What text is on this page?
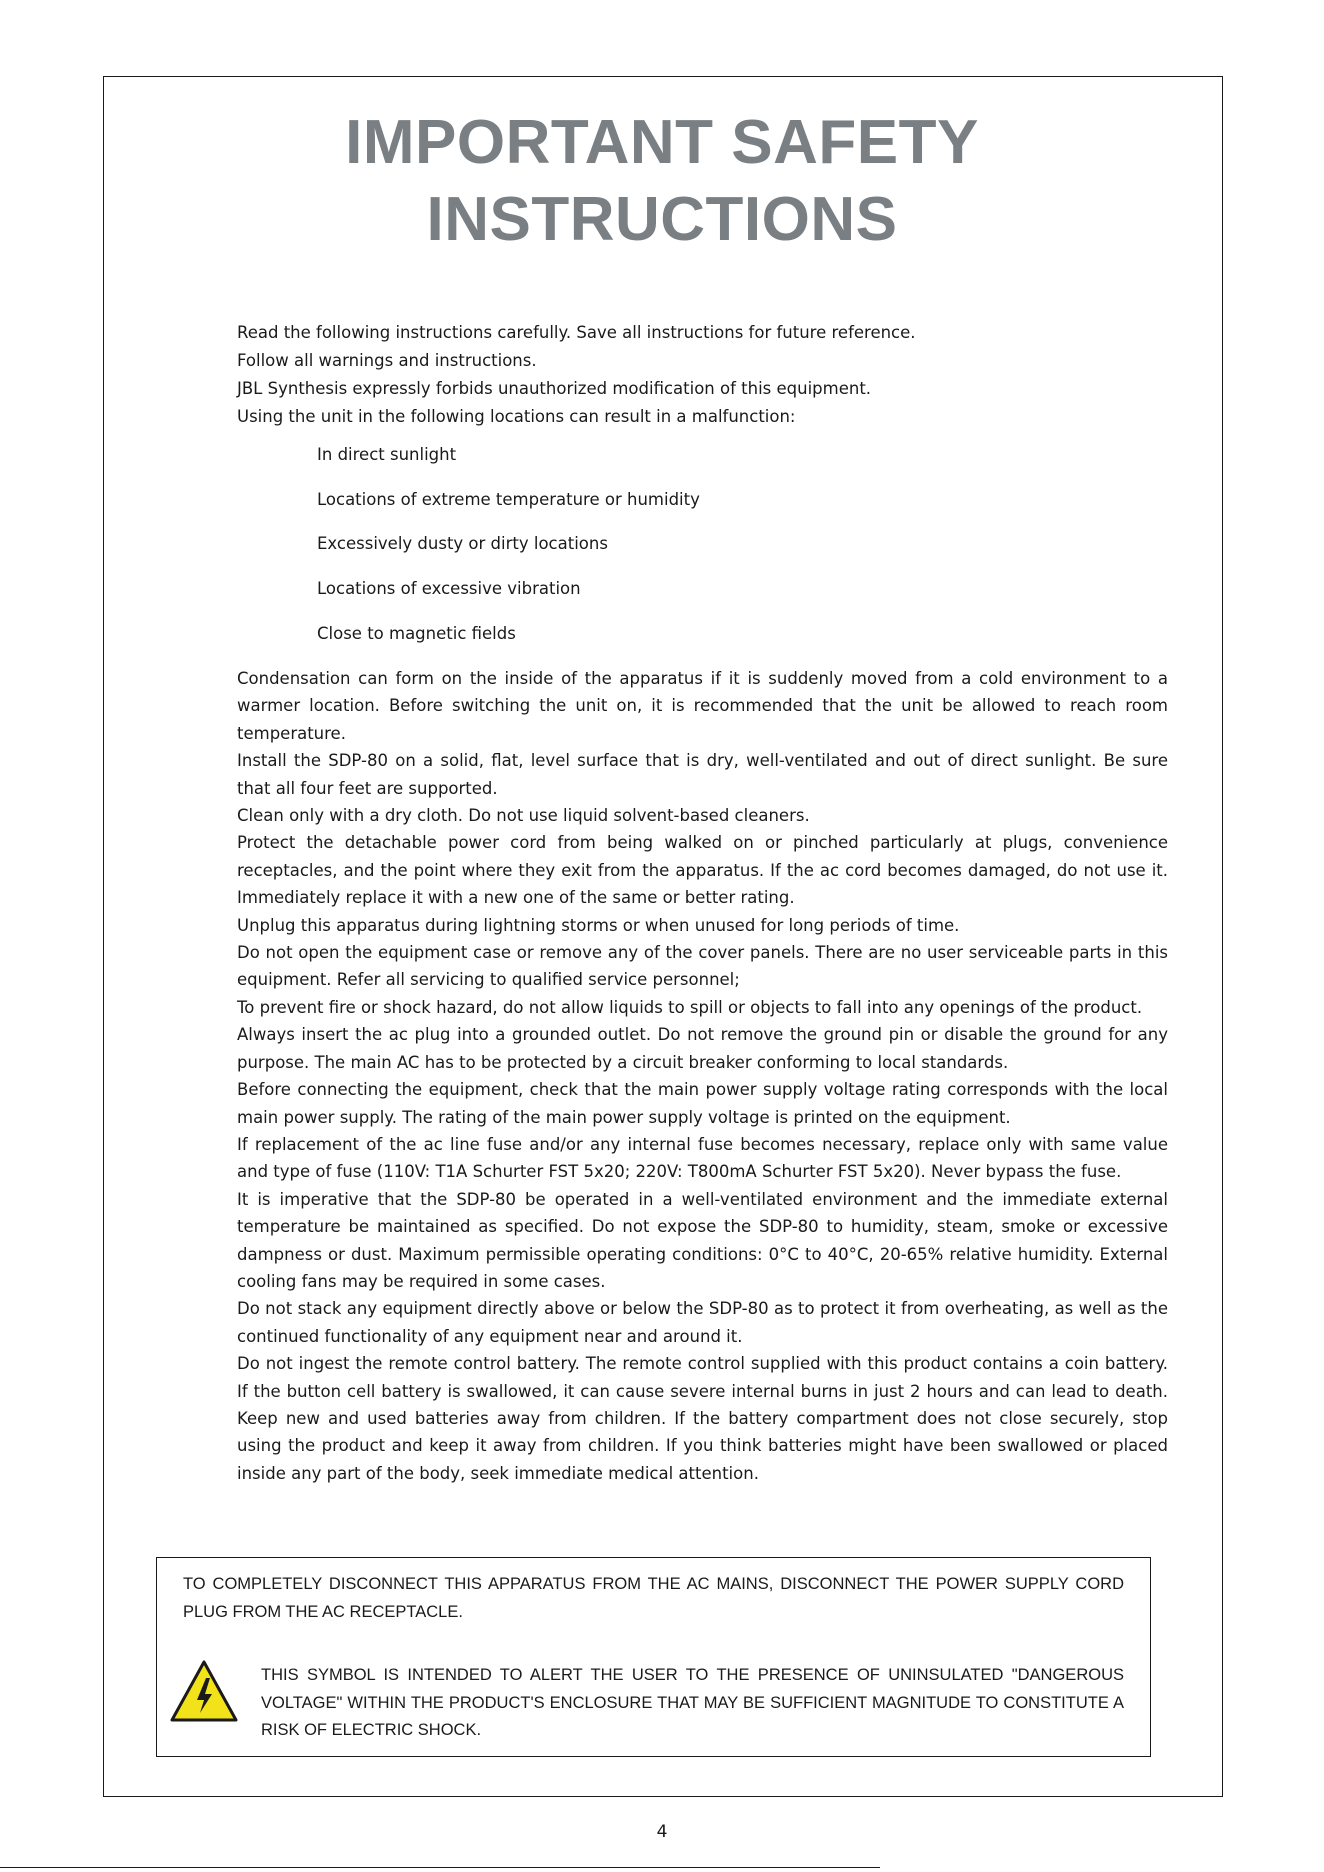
IMPORTANT SAFETY
INSTRUCTIONS

Read the following instructions carefully. Save all instructions for future reference.

Follow all warnings and instructions.

JBL Synthesis expressly forbids unauthorized modification of this equipment.

Using the unit in the following locations can result in a malfunction:

In direct sunlight
Locations of extreme temperature or humidity
Excessively dusty or dirty locations
Locations of excessive vibration
Close to magnetic fields

Condensation can form on the inside of the apparatus if it is suddenly moved from a cold environment to a warmer location. Before switching the unit on, it is recommended that the unit be allowed to reach room temperature.

Install the SDP-80 on a solid, flat, level surface that is dry, well-ventilated and out of direct sunlight. Be sure that all four feet are supported.

Clean only with a dry cloth. Do not use liquid solvent-based cleaners.

Protect the detachable power cord from being walked on or pinched particularly at plugs, convenience receptacles, and the point where they exit from the apparatus. If the ac cord becomes damaged, do not use it. Immediately replace it with a new one of the same or better rating.

Unplug this apparatus during lightning storms or when unused for long periods of time.

Do not open the equipment case or remove any of the cover panels. There are no user serviceable parts in this equipment. Refer all servicing to qualified service personnel;

To prevent fire or shock hazard, do not allow liquids to spill or objects to fall into any openings of the product.

Always insert the ac plug into a grounded outlet. Do not remove the ground pin or disable the ground for any purpose. The main AC has to be protected by a circuit breaker conforming to local standards.

Before connecting the equipment, check that the main power supply voltage rating corresponds with the local main power supply. The rating of the main power supply voltage is printed on the equipment.

If replacement of the ac line fuse and/or any internal fuse becomes necessary, replace only with same value and type of fuse (110V: T1A Schurter FST 5x20; 220V: T800mA Schurter FST 5x20). Never bypass the fuse.

It is imperative that the SDP-80 be operated in a well-ventilated environment and the immediate external temperature be maintained as specified. Do not expose the SDP-80 to humidity, steam, smoke or excessive dampness or dust. Maximum permissible operating conditions: 0°C to 40°C, 20-65% relative humidity. External cooling fans may be required in some cases.

Do not stack any equipment directly above or below the SDP-80 as to protect it from overheating, as well as the continued functionality of any equipment near and around it.

Do not ingest the remote control battery. The remote control supplied with this product contains a coin battery. If the button cell battery is swallowed, it can cause severe internal burns in just 2 hours and can lead to death. Keep new and used batteries away from children. If the battery compartment does not close securely, stop using the product and keep it away from children. If you think batteries might have been swallowed or placed inside any part of the body, seek immediate medical attention.

TO COMPLETELY DISCONNECT THIS APPARATUS FROM THE AC MAINS, DISCONNECT THE POWER SUPPLY CORD PLUG FROM THE AC RECEPTACLE.
THIS SYMBOL IS INTENDED TO ALERT THE USER TO THE PRESENCE OF UNINSULATED "DANGEROUS VOLTAGE" WITHIN THE PRODUCT'S ENCLOSURE THAT MAY BE SUFFICIENT MAGNITUDE TO CONSTITUTE A RISK OF ELECTRIC SHOCK.
4
